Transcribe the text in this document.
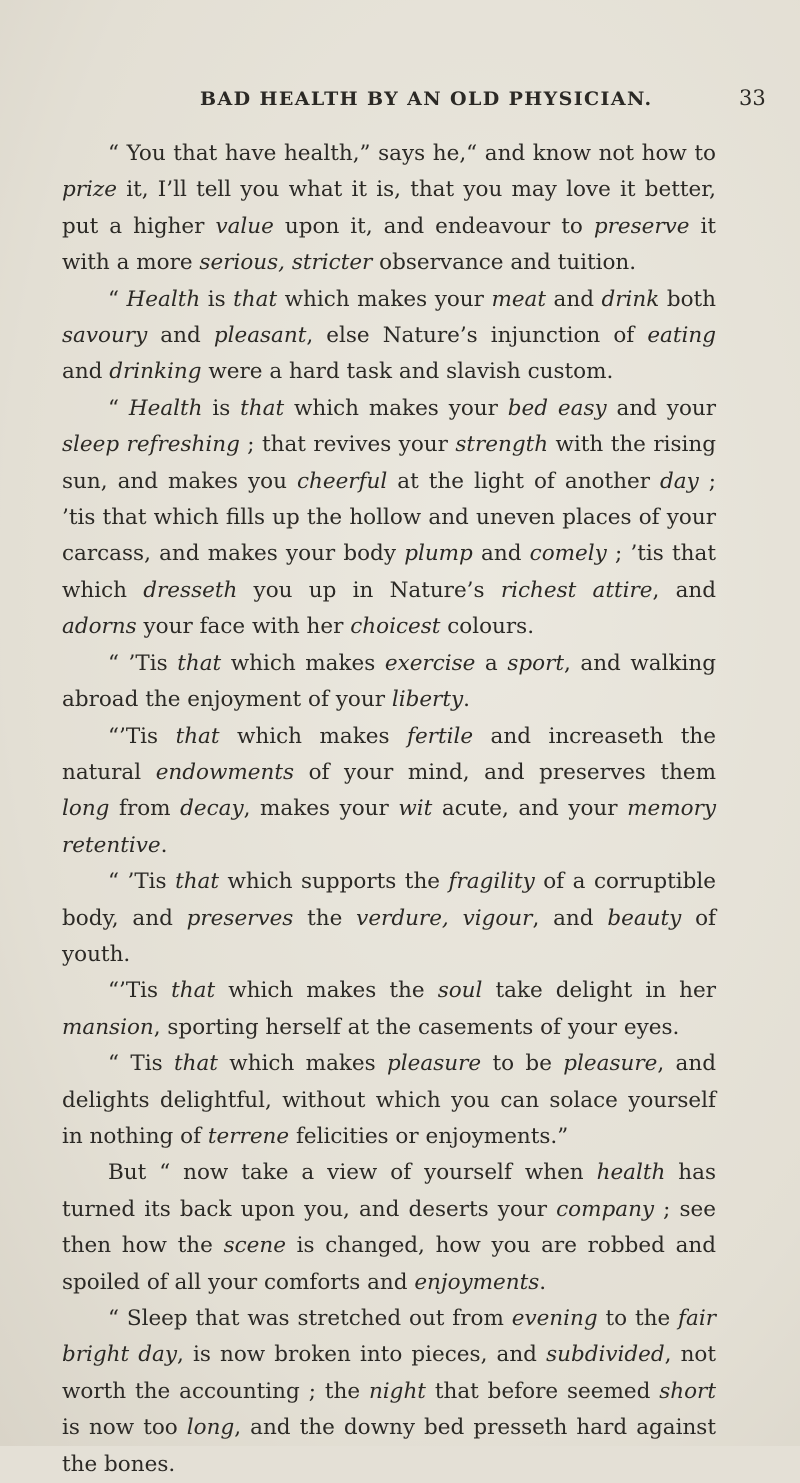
BAD HEALTH BY AN OLD PHYSICIAN.	33

“ You that have health,” says he,“ and know not how to prize it, I’ll tell you what it is, that you may love it better, put a higher value upon it, and endeavour to preserve it with a more serious, stricter observance and tuition.

“ Health is that which makes your meat and drink both savoury and pleasant, else Nature’s injunction of eating and drinking were a hard task and slavish custom.

“ Health is that which makes your bed easy and your sleep refreshing ; that revives your strength with the rising sun, and makes you cheerful at the light of another day ; ’tis that which fills up the hollow and uneven places of your carcass, and makes your body plump and comely ; ’tis that which dresseth you up in Nature’s richest attire, and adorns your face with her choicest colours.

“ ’Tis that which makes exercise a sport, and walking abroad the enjoyment of your liberty.

“’Tis that which makes fertile and increaseth the natural endowments of your mind, and preserves them long from decay, makes your wit acute, and your memory retentive.

“ ’Tis that which supports the fragility of a corruptible body, and preserves the verdure, vigour, and beauty of youth.

“’Tis that which makes the soul take delight in her mansion, sporting herself at the casements of your eyes.

“ Tis that which makes pleasure to be pleasure, and delights delightful, without which you can solace yourself in nothing of terrene felicities or enjoyments.”

But “ now take a view of yourself when health has turned its back upon you, and deserts your company ; see then how the scene is changed, how you are robbed and spoiled of all your comforts and enjoyments.

“ Sleep that was stretched out from evening to the fair bright day, is now broken into pieces, and subdivided, not worth the accounting ; the night that before seemed short is now too long, and the downy bed presseth hard against the bones.
